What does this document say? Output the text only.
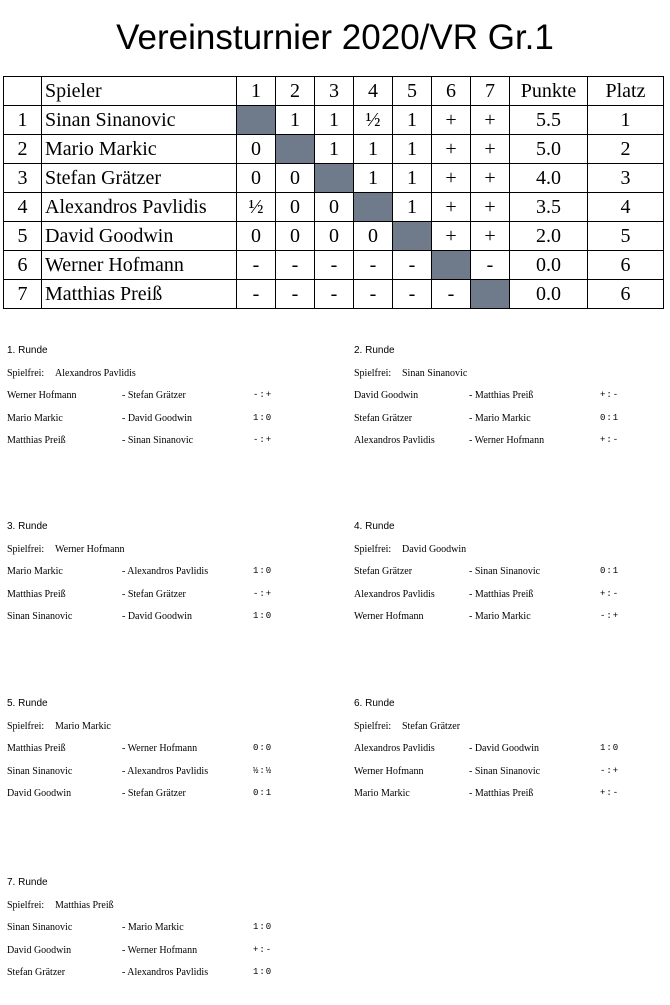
Vereinsturnier 2020/VR Gr.1
	Spieler	1	2	3	4	5	6	7	Punkte	Platz
1	Sinan Sinanovic		1	1	½	1	+	+	5.5	1
2	Mario Markic	0		1	1	1	+	+	5.0	2
3	Stefan Grätzer	0	0		1	1	+	+	4.0	3
4	Alexandros Pavlidis	½	0	0		1	+	+	3.5	4
5	David Goodwin	0	0	0	0		+	+	2.0	5
6	Werner Hofmann	-	-	-	-	-		-	0.0	6
7	Matthias Preiß	-	-	-	-	-	-		0.0	6
1. Runde
Spielfrei: Alexandros Pavlidis
Werner Hofmann	- Stefan Grätzer	-:+
Mario Markic	- David Goodwin	1:0
Matthias Preiß	- Sinan Sinanovic	-:+
2. Runde
Spielfrei: Sinan Sinanovic
David Goodwin	- Matthias Preiß	+:-
Stefan Grätzer	- Mario Markic	0:1
Alexandros Pavlidis	- Werner Hofmann	+:-
3. Runde
Spielfrei: Werner Hofmann
Mario Markic	- Alexandros Pavlidis	1:0
Matthias Preiß	- Stefan Grätzer	-:+
Sinan Sinanovic	- David Goodwin	1:0
4. Runde
Spielfrei: David Goodwin
Stefan Grätzer	- Sinan Sinanovic	0:1
Alexandros Pavlidis	- Matthias Preiß	+:-
Werner Hofmann	- Mario Markic	-:+
5. Runde
Spielfrei: Mario Markic
Matthias Preiß	- Werner Hofmann	0:0
Sinan Sinanovic	- Alexandros Pavlidis	½:½
David Goodwin	- Stefan Grätzer	0:1
6. Runde
Spielfrei: Stefan Grätzer
Alexandros Pavlidis	- David Goodwin	1:0
Werner Hofmann	- Sinan Sinanovic	-:+
Mario Markic	- Matthias Preiß	+:-
7. Runde
Spielfrei: Matthias Preiß
Sinan Sinanovic	- Mario Markic	1:0
David Goodwin	- Werner Hofmann	+:-
Stefan Grätzer	- Alexandros Pavlidis	1:0
